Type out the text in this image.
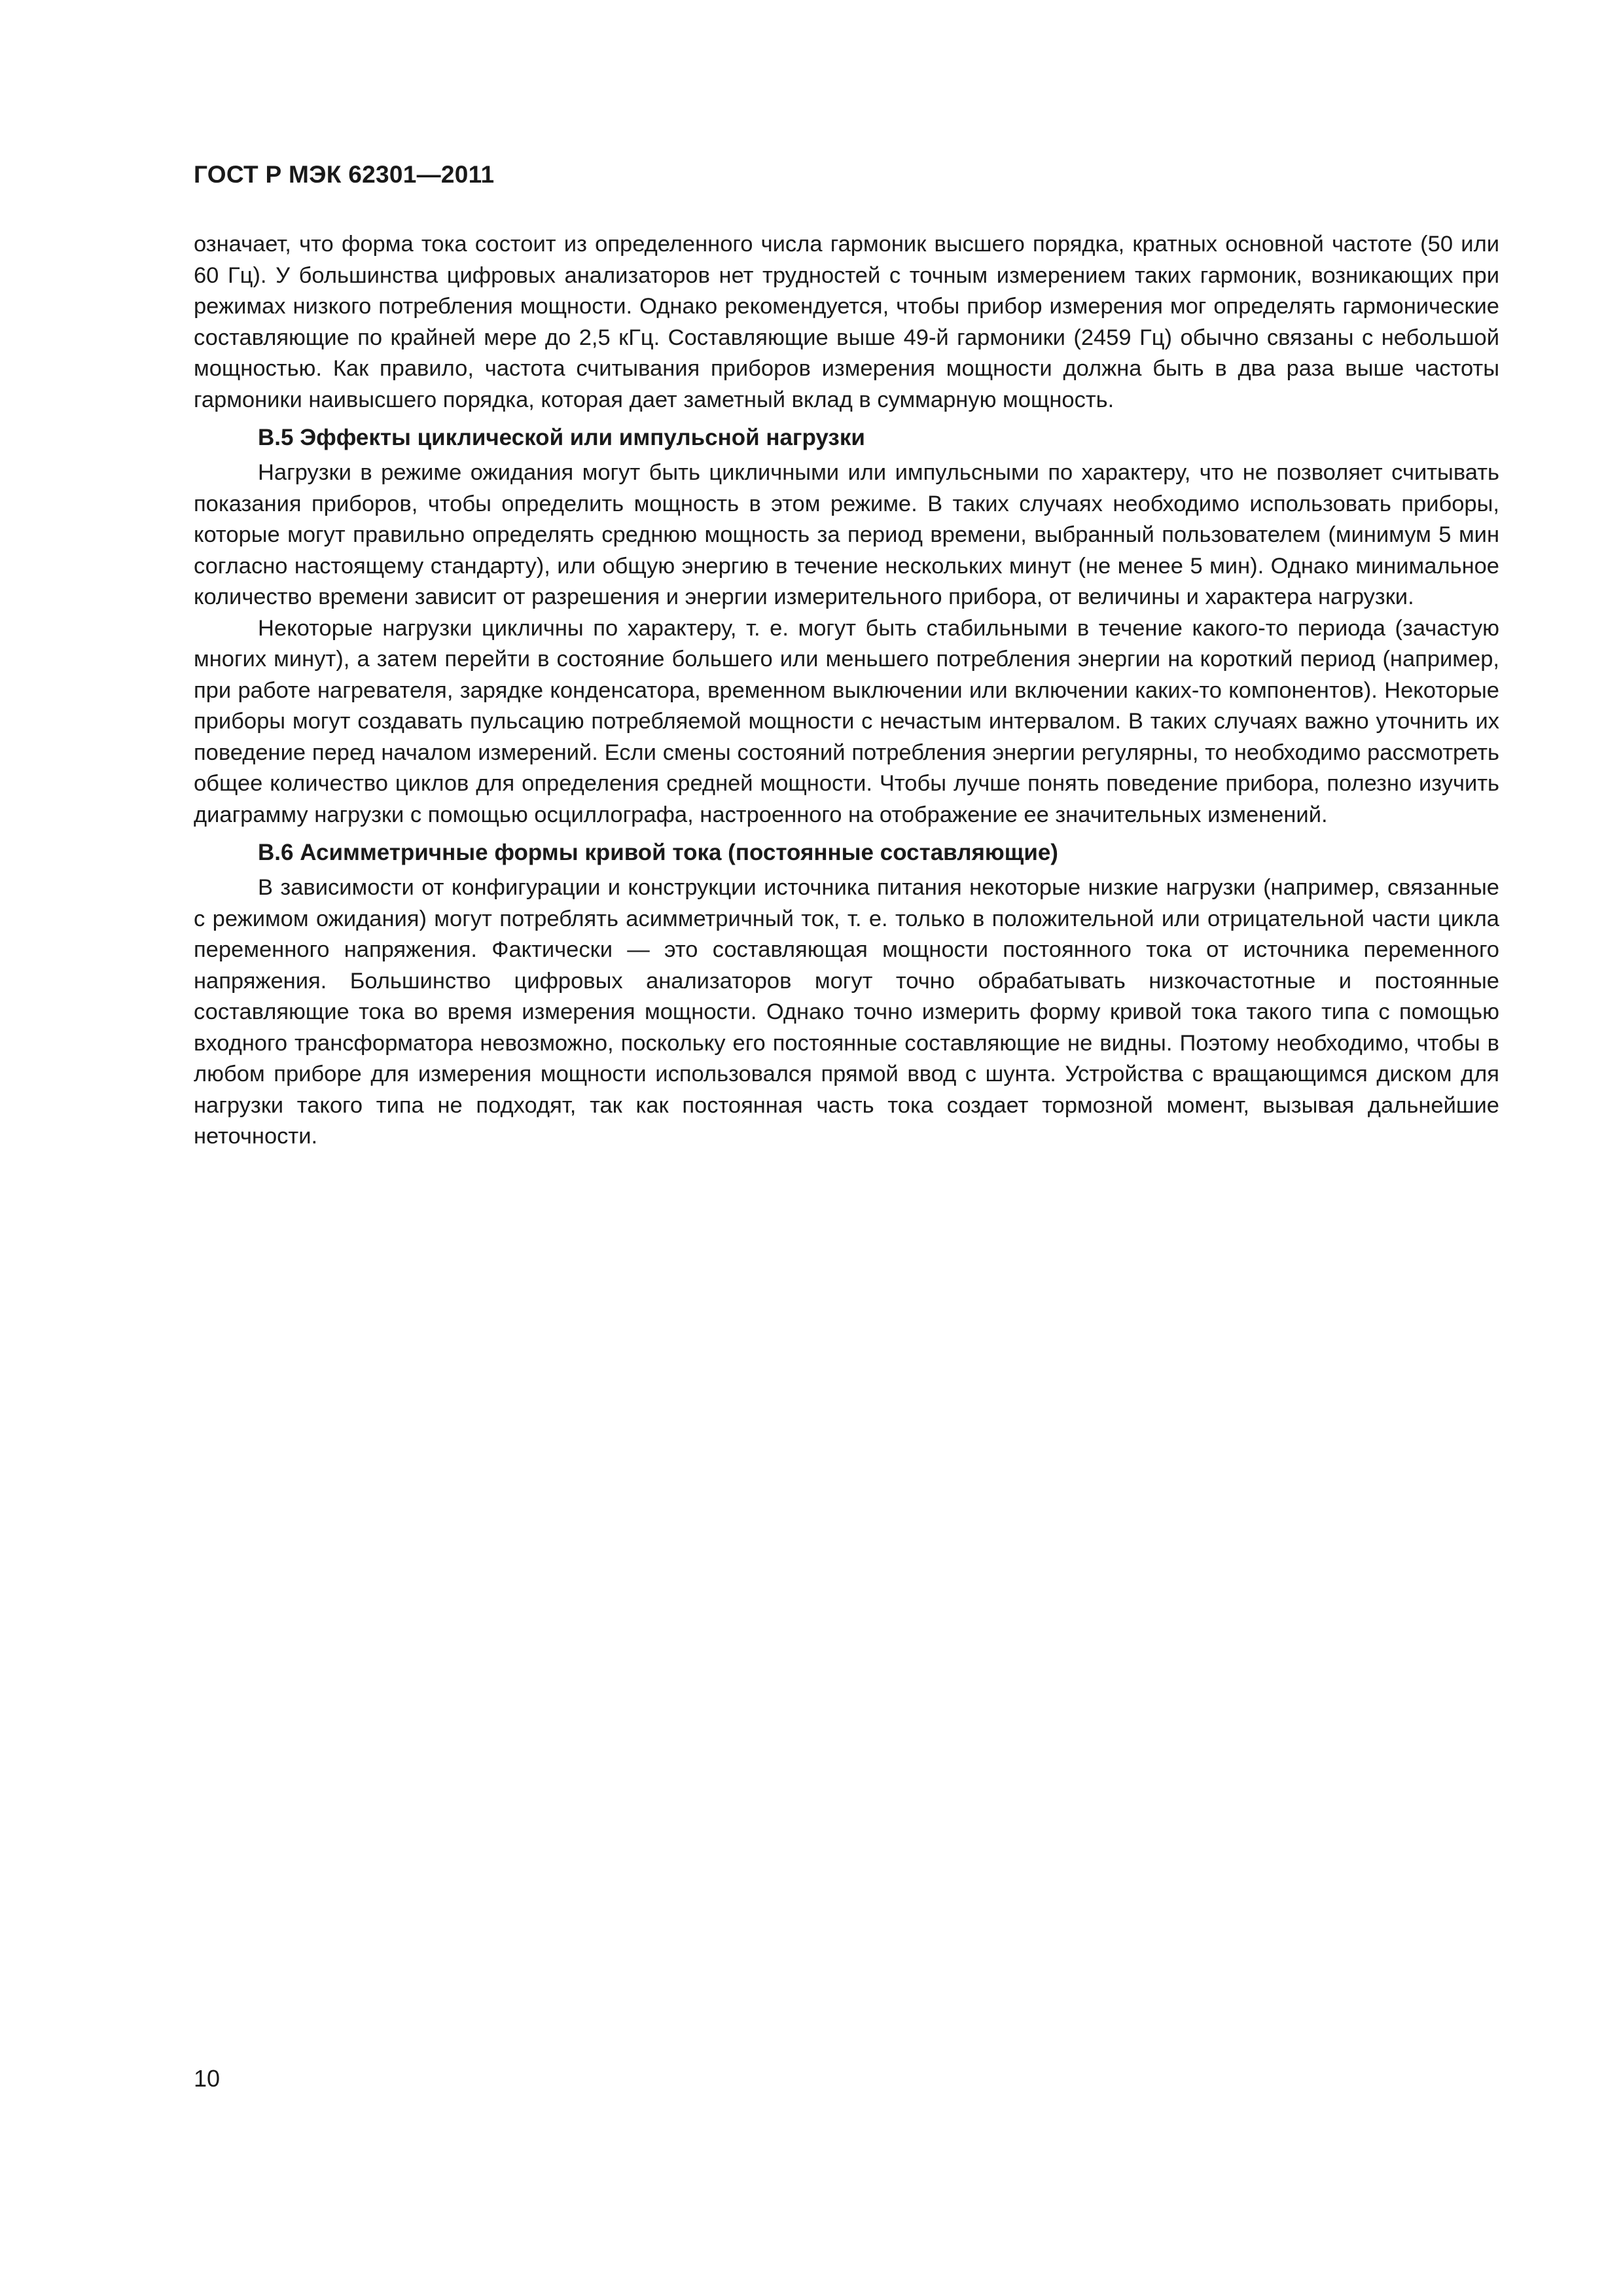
ГОСТ Р МЭК 62301—2011

означает, что форма тока состоит из определенного числа гармоник высшего порядка, кратных основной частоте (50 или 60 Гц). У большинства цифровых анализаторов нет трудностей с точным измерением таких гармоник, возникающих при режимах низкого потребления мощности. Однако рекомендуется, чтобы прибор измерения мог определять гармонические составляющие по крайней мере до 2,5 кГц. Составляющие выше 49-й гармоники (2459 Гц) обычно связаны с небольшой мощностью. Как правило, частота считывания приборов измерения мощности должна быть в два раза выше частоты гармоники наивысшего порядка, которая дает заметный вклад в суммарную мощность.

В.5 Эффекты циклической или импульсной нагрузки

Нагрузки в режиме ожидания могут быть цикличными или импульсными по характеру, что не позволяет считывать показания приборов, чтобы определить мощность в этом режиме. В таких случаях необходимо использовать приборы, которые могут правильно определять среднюю мощность за период времени, выбранный пользователем (минимум 5 мин согласно настоящему стандарту), или общую энергию в течение нескольких минут (не менее 5 мин). Однако минимальное количество времени зависит от разрешения и энергии измерительного прибора, от величины и характера нагрузки.

Некоторые нагрузки цикличны по характеру, т. е. могут быть стабильными в течение какого-то периода (зачастую многих минут), а затем перейти в состояние большего или меньшего потребления энергии на короткий период (например, при работе нагревателя, зарядке конденсатора, временном выключении или включении каких-то компонентов). Некоторые приборы могут создавать пульсацию потребляемой мощности с нечастым интервалом. В таких случаях важно уточнить их поведение перед началом измерений. Если смены состояний потребления энергии регулярны, то необходимо рассмотреть общее количество циклов для определения средней мощности. Чтобы лучше понять поведение прибора, полезно изучить диаграмму нагрузки с помощью осциллографа, настроенного на отображение ее значительных изменений.

В.6 Асимметричные формы кривой тока (постоянные составляющие)

В зависимости от конфигурации и конструкции источника питания некоторые низкие нагрузки (например, связанные с режимом ожидания) могут потреблять асимметричный ток, т. е. только в положительной или отрицательной части цикла переменного напряжения. Фактически — это составляющая мощности постоянного тока от источника переменного напряжения. Большинство цифровых анализаторов могут точно обрабатывать низкочастотные и постоянные составляющие тока во время измерения мощности. Однако точно измерить форму кривой тока такого типа с помощью входного трансформатора невозможно, поскольку его постоянные составляющие не видны. Поэтому необходимо, чтобы в любом приборе для измерения мощности использовался прямой ввод с шунта. Устройства с вращающимся диском для нагрузки такого типа не подходят, так как постоянная часть тока создает тормозной момент, вызывая дальнейшие неточности.

10
